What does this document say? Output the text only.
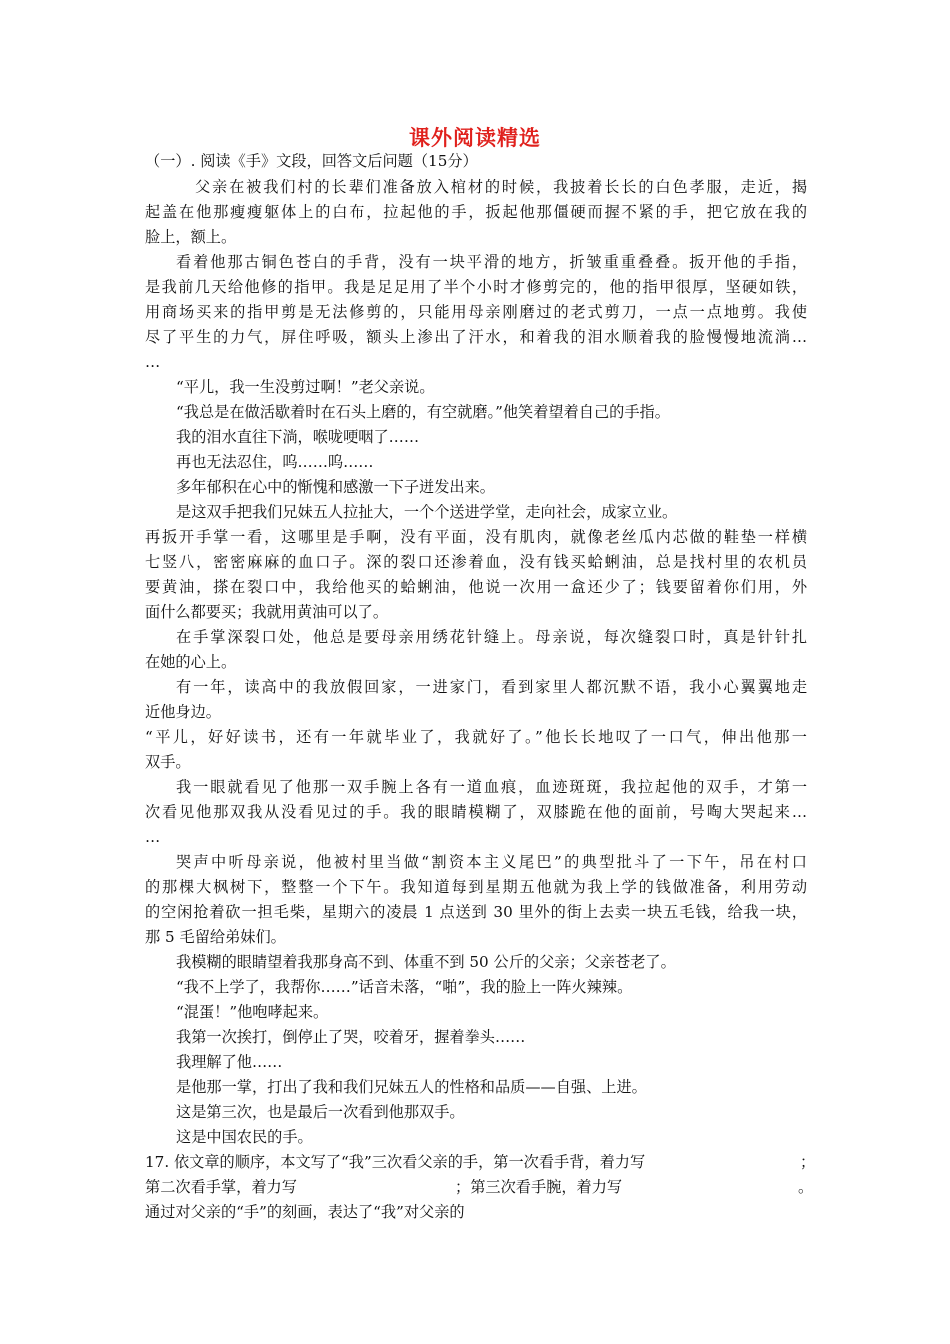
课外阅读精选
（一）. 阅读《手》文段，回答文后问题（15分）
父亲在被我们村的长辈们准备放入棺材的时候，我披着长长的白色孝服，走近，揭
起盖在他那瘦瘦躯体上的白布，拉起他的手，扳起他那僵硬而握不紧的手，把它放在我的
脸上，额上。
看着他那古铜色苍白的手背，没有一块平滑的地方，折皱重重叠叠。扳开他的手指，
是我前几天给他修的指甲。我是足足用了半个小时才修剪完的，他的指甲很厚，坚硬如铁，
用商场买来的指甲剪是无法修剪的，只能用母亲刚磨过的老式剪刀，一点一点地剪。我使
尽了平生的力气，屏住呼吸，额头上渗出了汗水，和着我的泪水顺着我的脸慢慢地流淌…
…
“平儿，我一生没剪过啊！”老父亲说。
“我总是在做活歇着时在石头上磨的，有空就磨。”他笑着望着自己的手指。
我的泪水直往下淌，喉咙哽咽了……
再也无法忍住，呜……呜……
多年郁积在心中的惭愧和感激一下子迸发出来。
是这双手把我们兄妹五人拉扯大，一个个送进学堂，走向社会，成家立业。
再扳开手掌一看，这哪里是手啊，没有平面，没有肌肉，就像老丝瓜内芯做的鞋垫一样横
七竖八，密密麻麻的血口子。深的裂口还渗着血，没有钱买蛤蜊油，总是找村里的农机员
要黄油，搽在裂口中，我给他买的蛤蜊油，他说一次用一盒还少了；钱要留着你们用，外
面什么都要买；我就用黄油可以了。
在手掌深裂口处，他总是要母亲用绣花针缝上。母亲说，每次缝裂口时，真是针针扎
在她的心上。
有一年，读高中的我放假回家，一进家门，看到家里人都沉默不语，我小心翼翼地走
近他身边。
“平儿，好好读书，还有一年就毕业了，我就好了。”他长长地叹了一口气，伸出他那一
双手。
我一眼就看见了他那一双手腕上各有一道血痕，血迹斑斑，我拉起他的双手，才第一
次看见他那双我从没看见过的手。我的眼睛模糊了，双膝跪在他的面前，号啕大哭起来…
…
哭声中听母亲说，他被村里当做“割资本主义尾巴”的典型批斗了一下午，吊在村口
的那棵大枫树下，整整一个下午。我知道每到星期五他就为我上学的钱做准备，利用劳动
的空闲抢着砍一担毛柴，星期六的凌晨 1 点送到 30 里外的街上去卖一块五毛钱，给我一块，
那 5 毛留给弟妹们。
我模糊的眼睛望着我那身高不到、体重不到 50 公斤的父亲；父亲苍老了。
“我不上学了，我帮你……”话音未落，“啪”，我的脸上一阵火辣辣。
“混蛋！”他咆哮起来。
我第一次挨打，倒停止了哭，咬着牙，握着拳头……
我理解了他……
是他那一掌，打出了我和我们兄妹五人的性格和品质——自强、上进。
这是第三次，也是最后一次看到他那双手。
这是中国农民的手。
17. 依文章的顺序，本文写了“我”三次看父亲的手，第一次看手背，着力写	；
第二次看手掌，着力写	；第三次看手腕，着力写	。
通过对父亲的“手”的刻画，表达了“我”对父亲的
